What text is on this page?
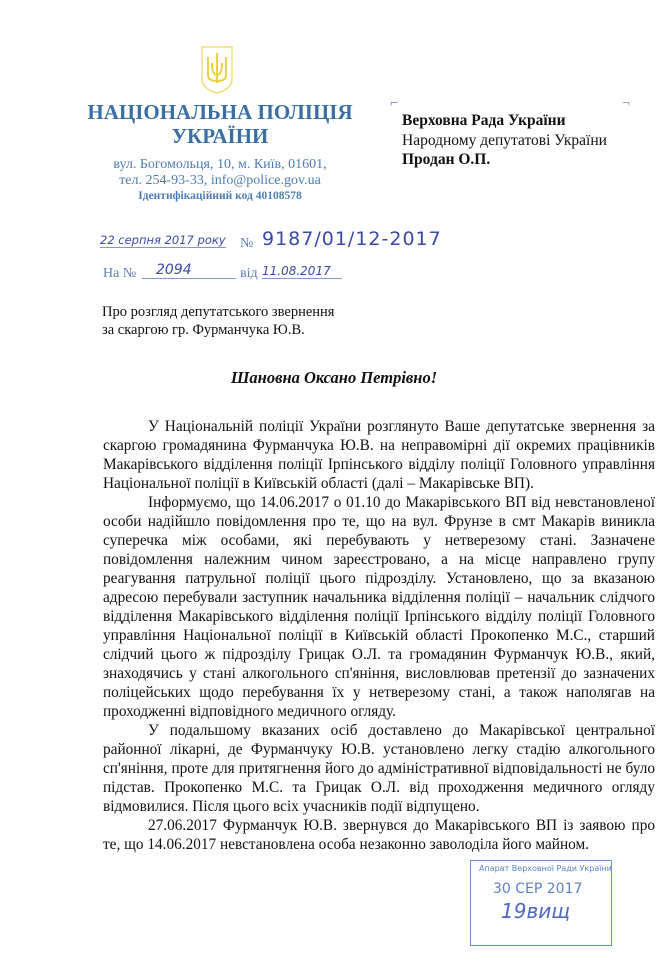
НАЦІОНАЛЬНА ПОЛІЦІЯ
УКРАЇНИ
вул. Богомольця, 10, м. Київ, 01601,
тел. 254-93-33, info@police.gov.ua
Ідентифікаційний код 40108578
⌐	¬
Верховна Рада України
Народному депутатові України
Продан О.П.
22 серпня 2017 року № 9187/01/12-2017
На №	2094	від 11.08.2017
Про розгляд депутатського звернення
за скаргою гр. Фурманчука Ю.В.
Шановна Оксано Петрівно!

У Національній поліції України розглянуто Ваше депутатське звернення за скаргою громадянина Фурманчука Ю.В. на неправомірні дії окремих працівників Макарівського відділення поліції Ірпінського відділу поліції Головного управління Національної поліції в Київській області (далі – Макарівське ВП).

Інформуємо, що 14.06.2017 о 01.10 до Макарівського ВП від невстановленої особи надійшло повідомлення про те, що на вул. Фрунзе в смт Макарів виникла суперечка між особами, які перебувають у нетверезому стані. Зазначене повідомлення належним чином зареєстровано, а на місце направлено групу реагування патрульної поліції цього підрозділу. Установлено, що за вказаною адресою перебували заступник начальника відділення поліції – начальник слідчого відділення Макарівського відділення поліції Ірпінського відділу поліції Головного управління Національної поліції в Київській області Прокопенко М.С., старший слідчий цього ж підрозділу Грицак О.Л. та громадянин Фурманчук Ю.В., який, знаходячись у стані алкогольного сп'яніння, висловлював претензії до зазначених поліцейських щодо перебування їх у нетверезому стані, а також наполягав на проходженні відповідного медичного огляду.

У подальшому вказаних осіб доставлено до Макарівської центральної районної лікарні, де Фурманчуку Ю.В. установлено легку стадію алкогольного сп'яніння, проте для притягнення його до адміністративної відповідальності не було підстав. Прокопенко М.С. та Грицак О.Л. від проходження медичного огляду відмовилися. Після цього всіх учасників події відпущено.

27.06.2017 Фурманчук Ю.В. звернувся до Макарівського ВП із заявою про те, що 14.06.2017 невстановлена особа незаконно заволоділа його майном.

Апарат Верховної Ради України
30 СЕР 2017
19вищ
